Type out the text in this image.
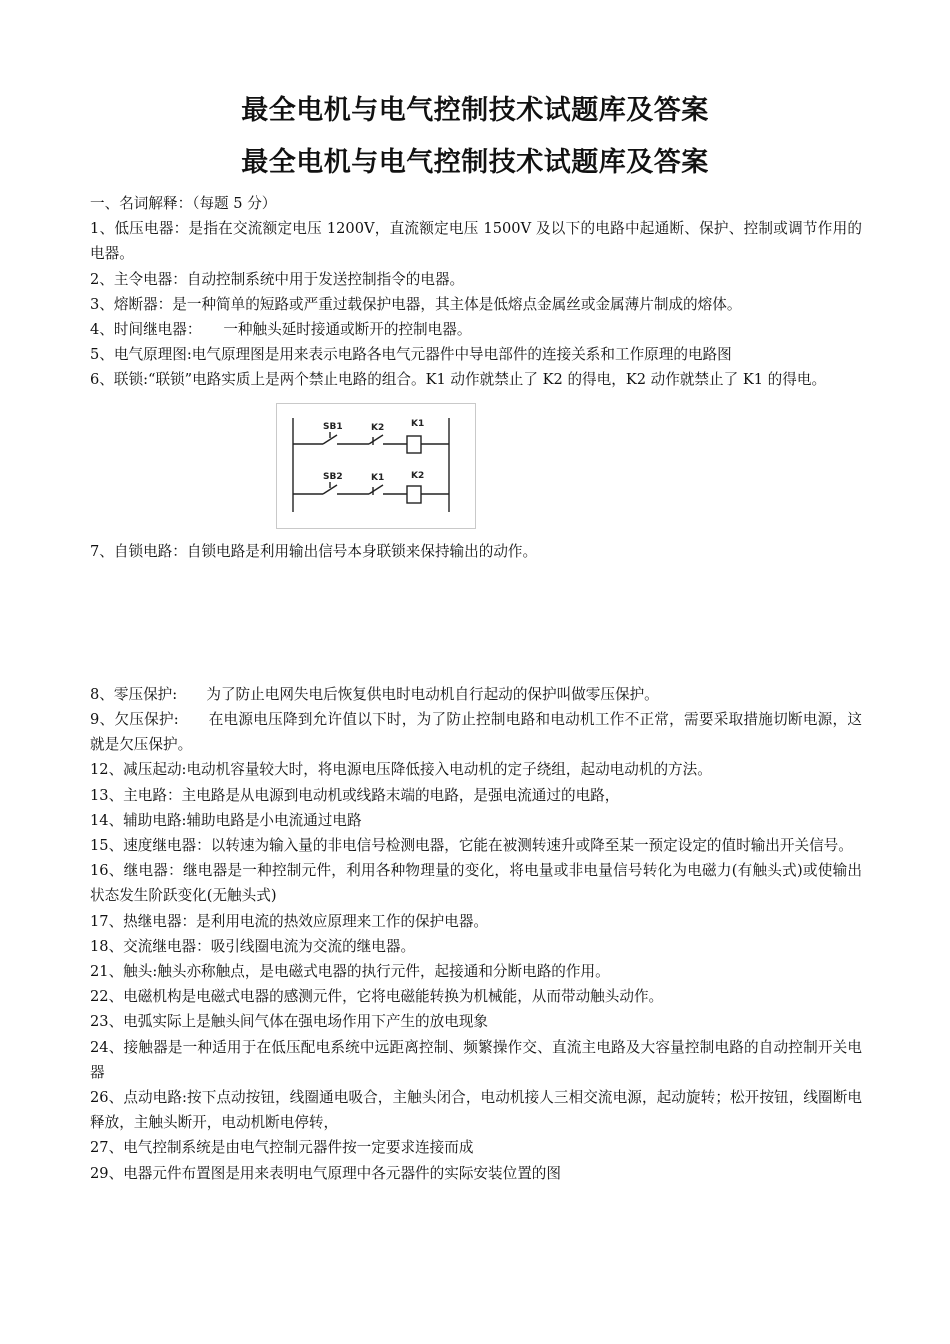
最全电机与电气控制技术试题库及答案
最全电机与电气控制技术试题库及答案

一、名词解释：（每题 5 分）

1、低压电器：是指在交流额定电压 1200V，直流额定电压 1500V 及以下的电路中起通断、保护、控制或调节作用的电器。

2、主令电器：自动控制系统中用于发送控制指令的电器。

3、熔断器：是一种简单的短路或严重过载保护电器，其主体是低熔点金属丝或金属薄片制成的熔体。

4、时间继电器：　　一种触头延时接通或断开的控制电器。

5、电气原理图:电气原理图是用来表示电路各电气元器件中导电部件的连接关系和工作原理的电路图

6、联锁:“联锁”电路实质上是两个禁止电路的组合。K1 动作就禁止了 K2 的得电，K2 动作就禁止了 K1 的得电。

SB1	K2	K1
SB2	K1	K2

7、自锁电路：自锁电路是利用输出信号本身联锁来保持输出的动作。

8、零压保护:　　为了防止电网失电后恢复供电时电动机自行起动的保护叫做零压保护。

9、欠压保护:　　在电源电压降到允许值以下时，为了防止控制电路和电动机工作不正常，需要采取措施切断电源，这就是欠压保护。

12、减压起动:电动机容量较大时，将电源电压降低接入电动机的定子绕组，起动电动机的方法。

13、主电路：主电路是从电源到电动机或线路末端的电路，是强电流通过的电路，

14、辅助电路:辅助电路是小电流通过电路

15、速度继电器：以转速为输入量的非电信号检测电器，它能在被测转速升或降至某一预定设定的值时输出开关信号。

16、继电器：继电器是一种控制元件，利用各种物理量的变化，将电量或非电量信号转化为电磁力(有触头式)或使输出状态发生阶跃变化(无触头式)

17、热继电器：是利用电流的热效应原理来工作的保护电器。

18、交流继电器：吸引线圈电流为交流的继电器。

21、触头:触头亦称触点，是电磁式电器的执行元件，起接通和分断电路的作用。

22、电磁机构是电磁式电器的感测元件，它将电磁能转换为机械能，从而带动触头动作。

23、电弧实际上是触头间气体在强电场作用下产生的放电现象

24、接触器是一种适用于在低压配电系统中远距离控制、频繁操作交、直流主电路及大容量控制电路的自动控制开关电器

26、点动电路:按下点动按钮，线圈通电吸合，主触头闭合，电动机接人三相交流电源，起动旋转；松开按钮，线圈断电释放，主触头断开，电动机断电停转，

27、电气控制系统是由电气控制元器件按一定要求连接而成

29、电器元件布置图是用来表明电气原理中各元器件的实际安装位置的图
